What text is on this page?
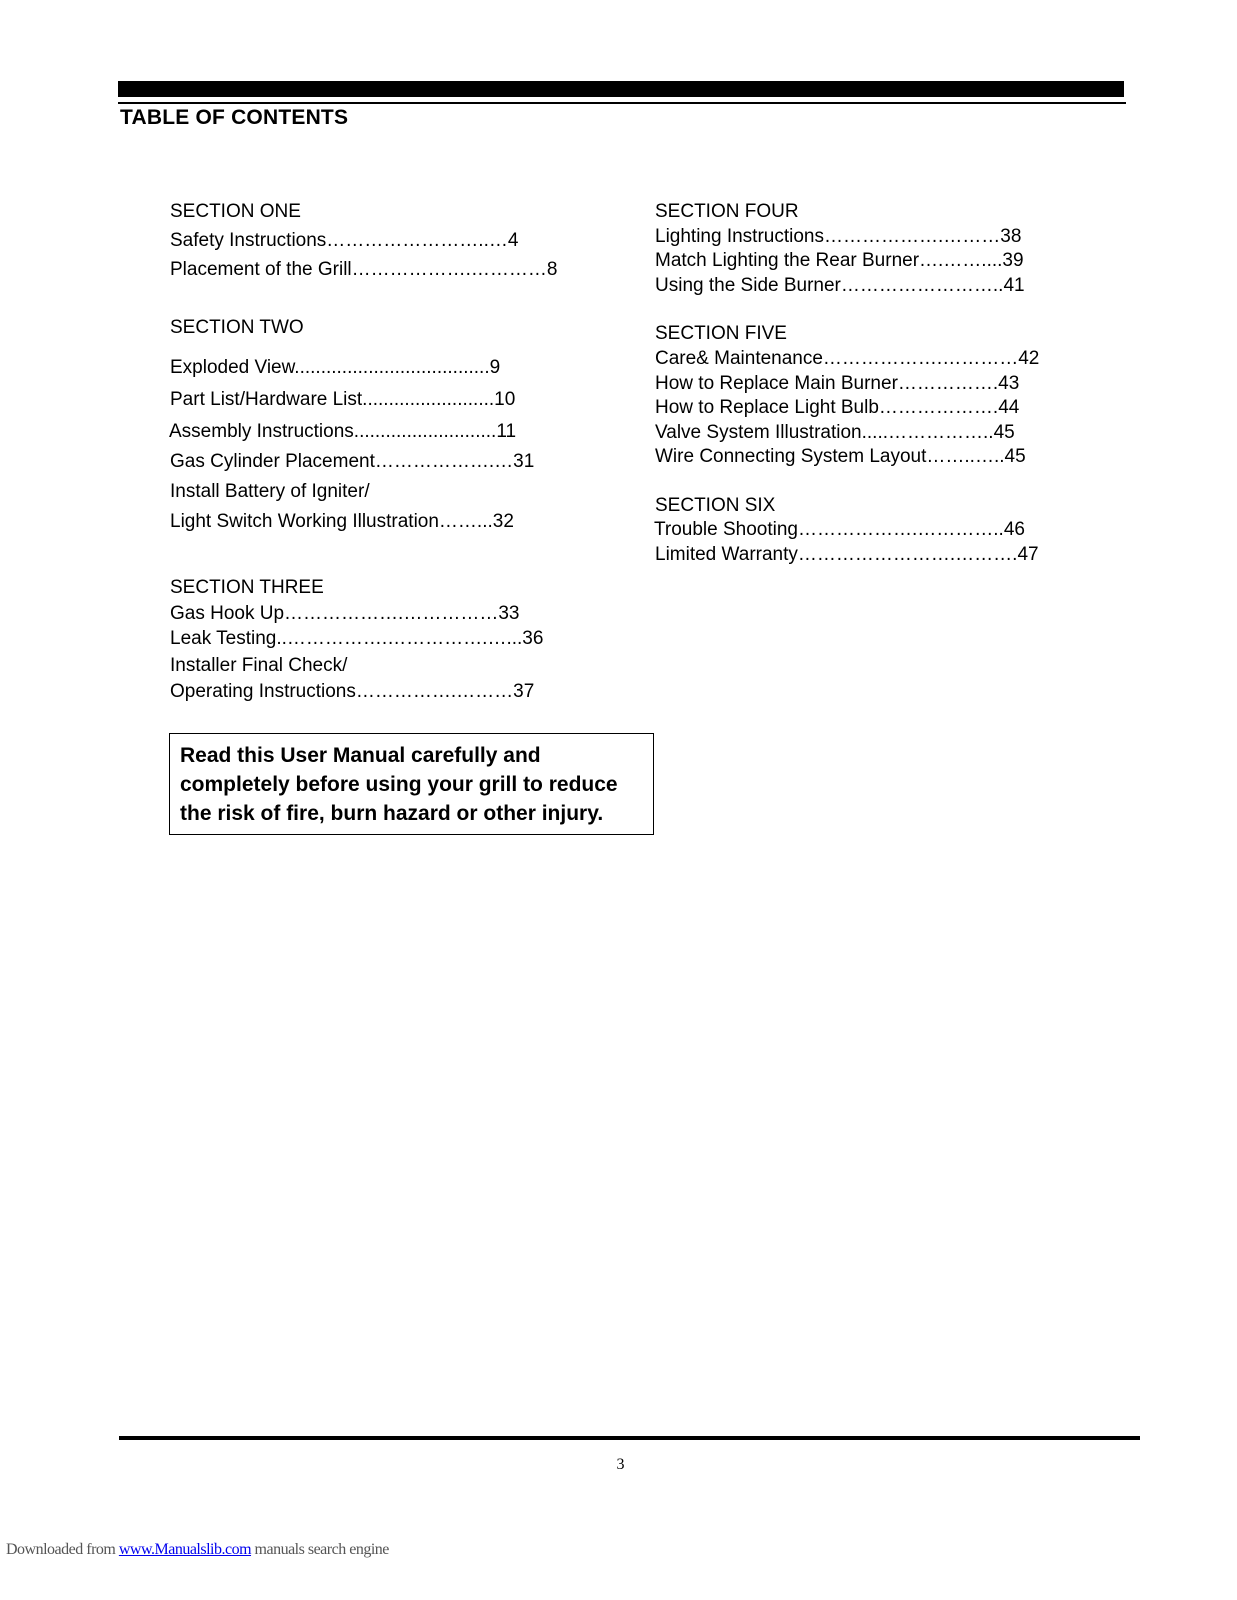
TABLE OF CONTENTS
SECTION ONE
Safety Instructions……………………..…4
Placement of the Grill……………….…………8
SECTION TWO
Exploded View.....................................9
Part List/Hardware List.........................10
Assembly Instructions...........................11
Gas Cylinder Placement……………….…31
Install Battery of Igniter/
Light Switch Working Illustration……...32
SECTION THREE
Gas Hook Up……………….……………33
Leak Testing..…………….…………….…...36
Installer Final Check/
Operating Instructions…………….………37
SECTION FOUR
Lighting Instructions……………….………38
Match Lighting the Rear Burner….……....39
Using the Side Burner……………………..41
SECTION FIVE
Care& Maintenance……………….…………42
How to Replace Main Burner…………….43
How to Replace Light Bulb……………….44
Valve System Illustration.....……………..45
Wire Connecting System Layout……..…..45
SECTION SIX
Trouble Shooting……………….…………..46
Limited Warranty…………………….……….47
Read this User Manual carefully and
completely before using your grill to reduce
the risk of fire, burn hazard or other injury.
3
Downloaded from www.Manualslib.com manuals search engine
